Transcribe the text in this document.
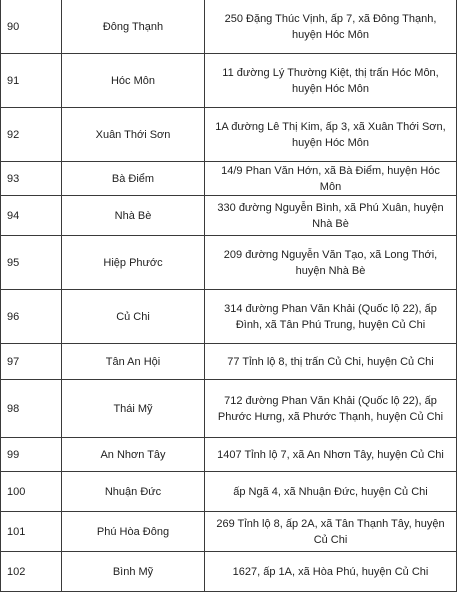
90	Đông Thạnh	250 Đặng Thúc Vịnh, ấp 7, xã Đông Thạnh, huyện Hóc Môn
91	Hóc Môn	11 đường Lý Thường Kiệt, thị trấn Hóc Môn, huyện Hóc Môn
92	Xuân Thới Sơn	1A đường Lê Thị Kim, ấp 3, xã Xuân Thới Sơn, huyện Hóc Môn
93	Bà Điểm	14/9 Phan Văn Hớn, xã Bà Điểm, huyện Hóc Môn
94	Nhà Bè	330 đường Nguyễn Bình, xã Phú Xuân, huyện Nhà Bè
95	Hiệp Phước	209 đường Nguyễn Văn Tạo, xã Long Thới, huyện Nhà Bè
96	Củ Chi	314 đường Phan Văn Khải (Quốc lộ 22), ấp Đình, xã Tân Phú Trung, huyện Củ Chi
97	Tân An Hội	77 Tỉnh lộ 8, thị trấn Củ Chi, huyện Củ Chi
98	Thái Mỹ	712 đường Phan Văn Khải (Quốc lộ 22), ấp Phước Hưng, xã Phước Thạnh, huyện Củ Chi
99	An Nhơn Tây	1407 Tỉnh lộ 7, xã An Nhơn Tây, huyện Củ Chi
100	Nhuận Đức	ấp Ngã 4, xã Nhuận Đức, huyện Củ Chi
101	Phú Hòa Đông	269 Tỉnh lộ 8, ấp 2A, xã Tân Thạnh Tây, huyện Củ Chi
102	Bình Mỹ	1627, ấp 1A, xã Hòa Phú, huyện Củ Chi
